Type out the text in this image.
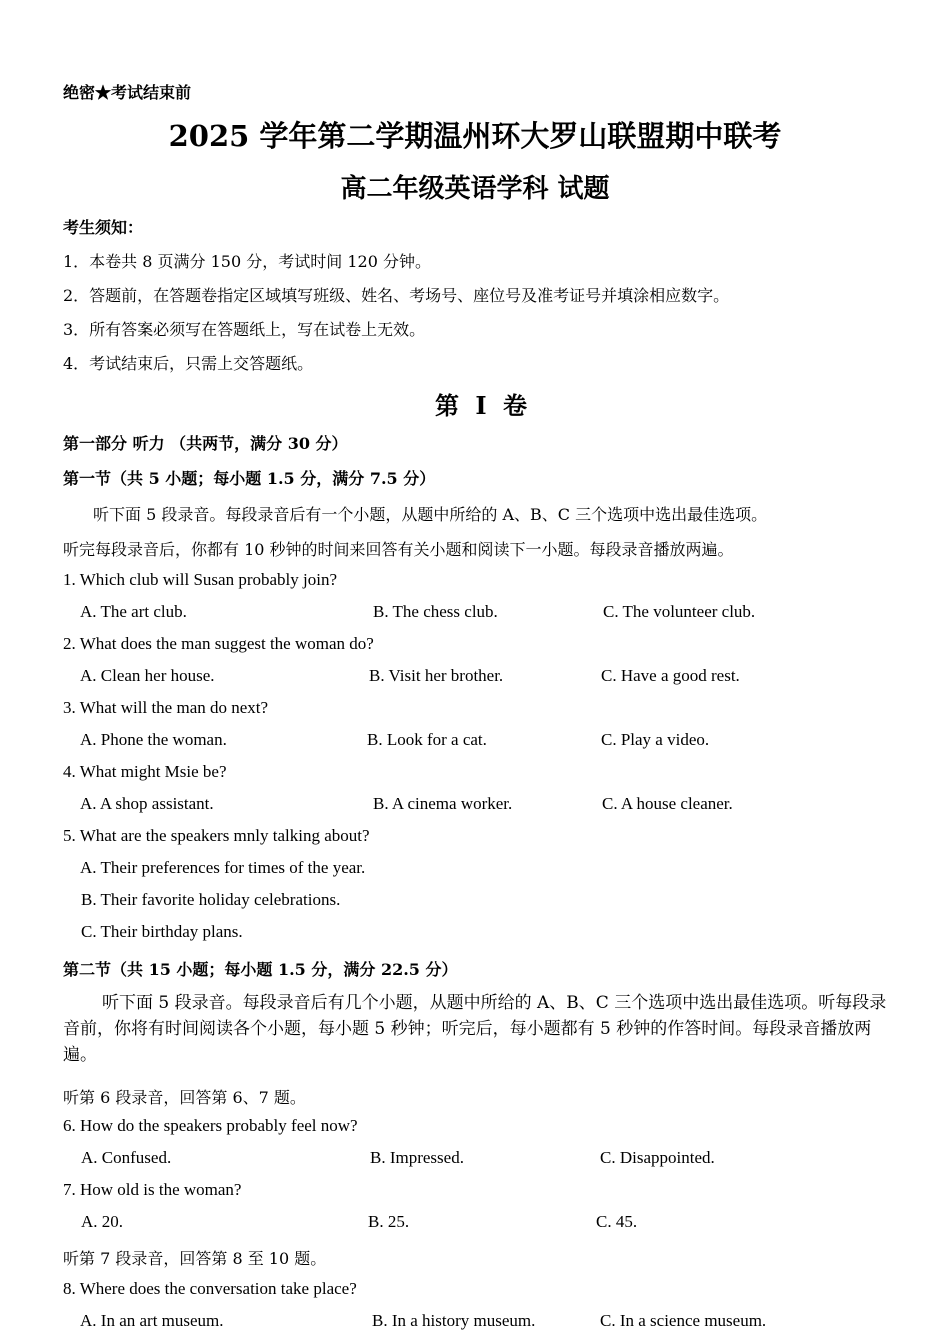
绝密★考试结束前
2025 学年第二学期温州环大罗山联盟期中联考
高二年级英语学科 试题
考生须知：
1．本卷共 8 页满分 150 分，考试时间 120 分钟。
2．答题前，在答题卷指定区域填写班级、姓名、考场号、座位号及准考证号并填涂相应数字。
3．所有答案必须写在答题纸上，写在试卷上无效。
4．考试结束后，只需上交答题纸。
第 I 卷
第一部分 听力 （共两节，满分 30 分）
第一节（共 5 小题；每小题 1.5 分，满分 7.5 分）
听下面 5 段录音。每段录音后有一个小题，从题中所给的 A、B、C 三个选项中选出最佳选项。
听完每段录音后，你都有 10 秒钟的时间来回答有关小题和阅读下一小题。每段录音播放两遍。
1. Which club will Susan probably join?
A. The art club.	B. The chess club.	C. The volunteer club.
2. What does the man suggest the woman do?
A. Clean her house.	B. Visit her brother.	C. Have a good rest.
3. What will the man do next?
A. Phone the woman.	B. Look for a cat.	C. Play a video.
4. What might Msie be?
A. A shop assistant.	B. A cinema worker.	C. A house cleaner.
5. What are the speakers mnly talking about?
A. Their preferences for times of the year.
B. Their favorite holiday celebrations.
C. Their birthday plans.
第二节（共 15 小题；每小题 1.5 分，满分 22.5 分）
听下面 5 段录音。每段录音后有几个小题，从题中所给的 A、B、C 三个选项中选出最佳选项。听每段录音前，你将有时间阅读各个小题，每小题 5 秒钟；听完后，每小题都有 5 秒钟的作答时间。每段录音播放两遍。
听第 6 段录音，回答第 6、7 题。
6. How do the speakers probably feel now?
A. Confused.	B. Impressed.	C. Disappointed.
7. How old is the woman?
A. 20.	B. 25.	C. 45.
听第 7 段录音，回答第 8 至 10 题。
8. Where does the conversation take place?
A. In an art museum.	B. In a history museum.	C. In a science museum.
